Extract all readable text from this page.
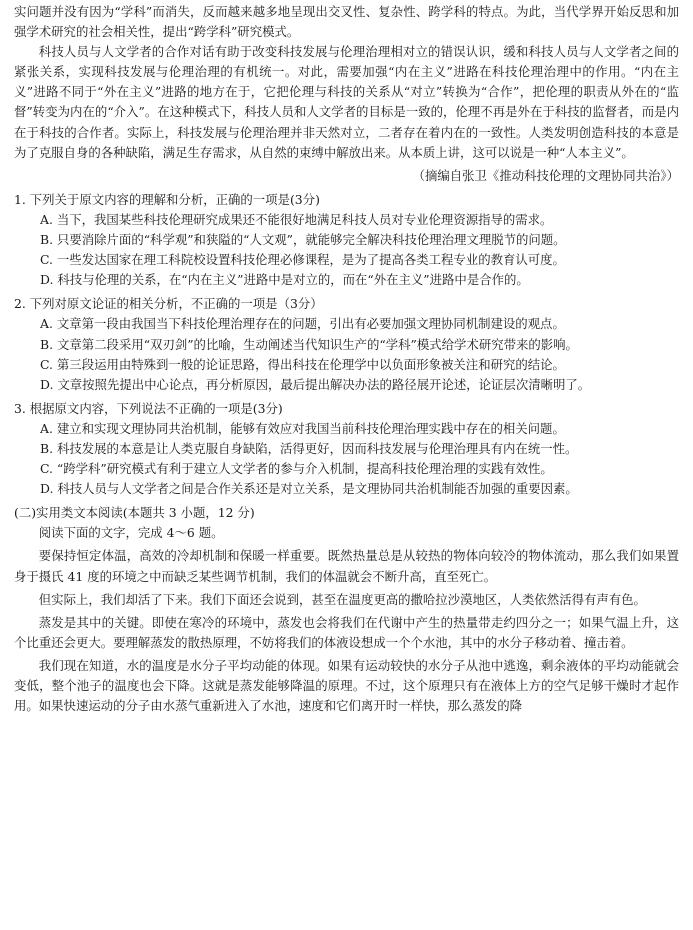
实问题并没有因为“学科”而消失，反而越来越多地呈现出交叉性、复杂性、跨学科的特点。为此，当代学界开始反思和加强学术研究的社会相关性，提出“跨学科”研究模式。

科技人员与人文学者的合作对话有助于改变科技发展与伦理治理相对立的错误认识，缓和科技人员与人文学者之间的紧张关系，实现科技发展与伦理治理的有机统一。对此，需要加强“内在主义”进路在科技伦理治理中的作用。“内在主义”进路不同于“外在主义”进路的地方在于，它把伦理与科技的关系从“对立”转换为“合作”，把伦理的职责从外在的“监督”转变为内在的“介入”。在这种模式下，科技人员和人文学者的目标是一致的，伦理不再是外在于科技的监督者，而是内在于科技的合作者。实际上，科技发展与伦理治理并非天然对立，二者存在着内在的一致性。人类发明创造科技的本意是为了克服自身的各种缺陷，满足生存需求，从自然的束缚中解放出来。从本质上讲，这可以说是一种“人本主义”。

（摘编自张卫《推动科技伦理的文理协同共治》）

1. 下列关于原文内容的理解和分析，正确的一项是(3分)

A. 当下，我国某些科技伦理研究成果还不能很好地满足科技人员对专业伦理资源指导的需求。

B. 只要消除片面的“科学观”和狭隘的“人文观”，就能够完全解决科技伦理治理文理脱节的问题。

C. 一些发达国家在理工科院校设置科技伦理必修课程，是为了提高各类工程专业的教育认可度。

D. 科技与伦理的关系，在“内在主义”进路中是对立的，而在“外在主义”进路中是合作的。

2. 下列对原文论证的相关分析，不正确的一项是（3分）

A. 文章第一段由我国当下科技伦理治理存在的问题，引出有必要加强文理协同机制建设的观点。

B. 文章第二段采用“双刃剑”的比喻，生动阐述当代知识生产的“学科”模式给学术研究带来的影响。

C. 第三段运用由特殊到一般的论证思路，得出科技在伦理学中以负面形象被关注和研究的结论。

D. 文章按照先提出中心论点，再分析原因，最后提出解决办法的路径展开论述，论证层次清晰明了。

3. 根据原文内容，下列说法不正确的一项是(3分)

A. 建立和实现文理协同共治机制，能够有效应对我国当前科技伦理治理实践中存在的相关问题。

B. 科技发展的本意是让人类克服自身缺陷，活得更好，因而科技发展与伦理治理具有内在统一性。

C. “跨学科”研究模式有利于建立人文学者的参与介入机制，提高科技伦理治理的实践有效性。

D. 科技人员与人文学者之间是合作关系还是对立关系，是文理协同共治机制能否加强的重要因素。

(二)实用类文本阅读(本题共 3 小题，12 分)

阅读下面的文字，完成 4～6 题。

要保持恒定体温，高效的冷却机制和保暖一样重要。既然热量总是从较热的物体向较冷的物体流动，那么我们如果置身于摄氏 41 度的环境之中而缺乏某些调节机制，我们的体温就会不断升高，直至死亡。

但实际上，我们却活了下来。我们下面还会说到，甚至在温度更高的撒哈拉沙漠地区，人类依然活得有声有色。

蒸发是其中的关键。即使在寒冷的环境中，蒸发也会将我们在代谢中产生的热量带走约四分之一；如果气温上升，这个比重还会更大。要理解蒸发的散热原理，不妨将我们的体液设想成一个个水池，其中的水分子移动着、撞击着。

我们现在知道，水的温度是水分子平均动能的体现。如果有运动较快的水分子从池中逃逸，剩余液体的平均动能就会变低，整个池子的温度也会下降。这就是蒸发能够降温的原理。不过，这个原理只有在液体上方的空气足够干燥时才起作用。如果快速运动的分子由水蒸气重新进入了水池，速度和它们离开时一样快，那么蒸发的降
